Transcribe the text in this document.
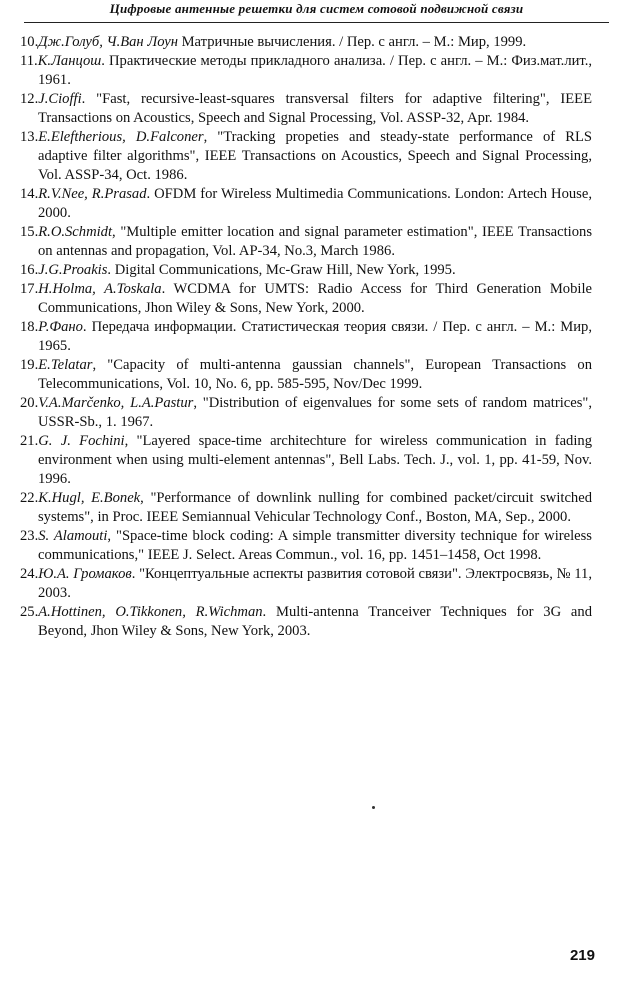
Цифровые антенные решетки для систем сотовой подвижной связи
10.Дж.Голуб, Ч.Ван Лоун Матричные вычисления. / Пер. с англ. – М.: Мир, 1999.
11.К.Ланцош. Практические методы прикладного анализа. / Пер. с англ. – М.: Физ.мат.лит., 1961.
12.J.Cioffi. "Fast, recursive-least-squares transversal filters for adaptive filtering", IEEE Transactions on Acoustics, Speech and Signal Processing, Vol. ASSP-32, Apr. 1984.
13.E.Eleftherious, D.Falconer, "Tracking propeties and steady-state performance of RLS adaptive filter algorithms", IEEE Transactions on Acoustics, Speech and Signal Processing, Vol. ASSP-34, Oct. 1986.
14.R.V.Nee, R.Prasad. OFDM for Wireless Multimedia Communications. London: Artech House, 2000.
15.R.O.Schmidt, "Multiple emitter location and signal parameter estimation", IEEE Transactions on antennas and propagation, Vol. AP-34, No.3, March 1986.
16.J.G.Proakis. Digital Communications, Mc-Graw Hill, New York, 1995.
17.H.Holma, A.Toskala. WCDMA for UMTS: Radio Access for Third Generation Mobile Communications, Jhon Wiley & Sons, New York, 2000.
18.Р.Фано. Передача информации. Статистическая теория связи. / Пер. с англ. – М.: Мир, 1965.
19.E.Telatar, "Capacity of multi-antenna gaussian channels", European Transactions on Telecommunications, Vol. 10, No. 6, pp. 585-595, Nov/Dec 1999.
20.V.A.Marčenko, L.A.Pastur, "Distribution of eigenvalues for some sets of random matrices", USSR-Sb., 1. 1967.
21.G. J. Fochini, "Layered space-time architechture for wireless communication in fading environment when using multi-element antennas", Bell Labs. Tech. J., vol. 1, pp. 41-59, Nov. 1996.
22.K.Hugl, E.Bonek, "Performance of downlink nulling for combined packet/circuit switched systems", in Proc. IEEE Semiannual Vehicular Technology Conf., Boston, MA, Sep., 2000.
23.S. Alamouti, "Space-time block coding: A simple transmitter diversity technique for wireless communications," IEEE J. Select. Areas Commun., vol. 16, pp. 1451–1458, Oct 1998.
24.Ю.А. Громаков. "Концептуальные аспекты развития сотовой связи". Электросвязь, № 11, 2003.
25.A.Hottinen, O.Tikkonen, R.Wichman. Multi-antenna Tranceiver Techniques for 3G and Beyond, Jhon Wiley & Sons, New York, 2003.
219
